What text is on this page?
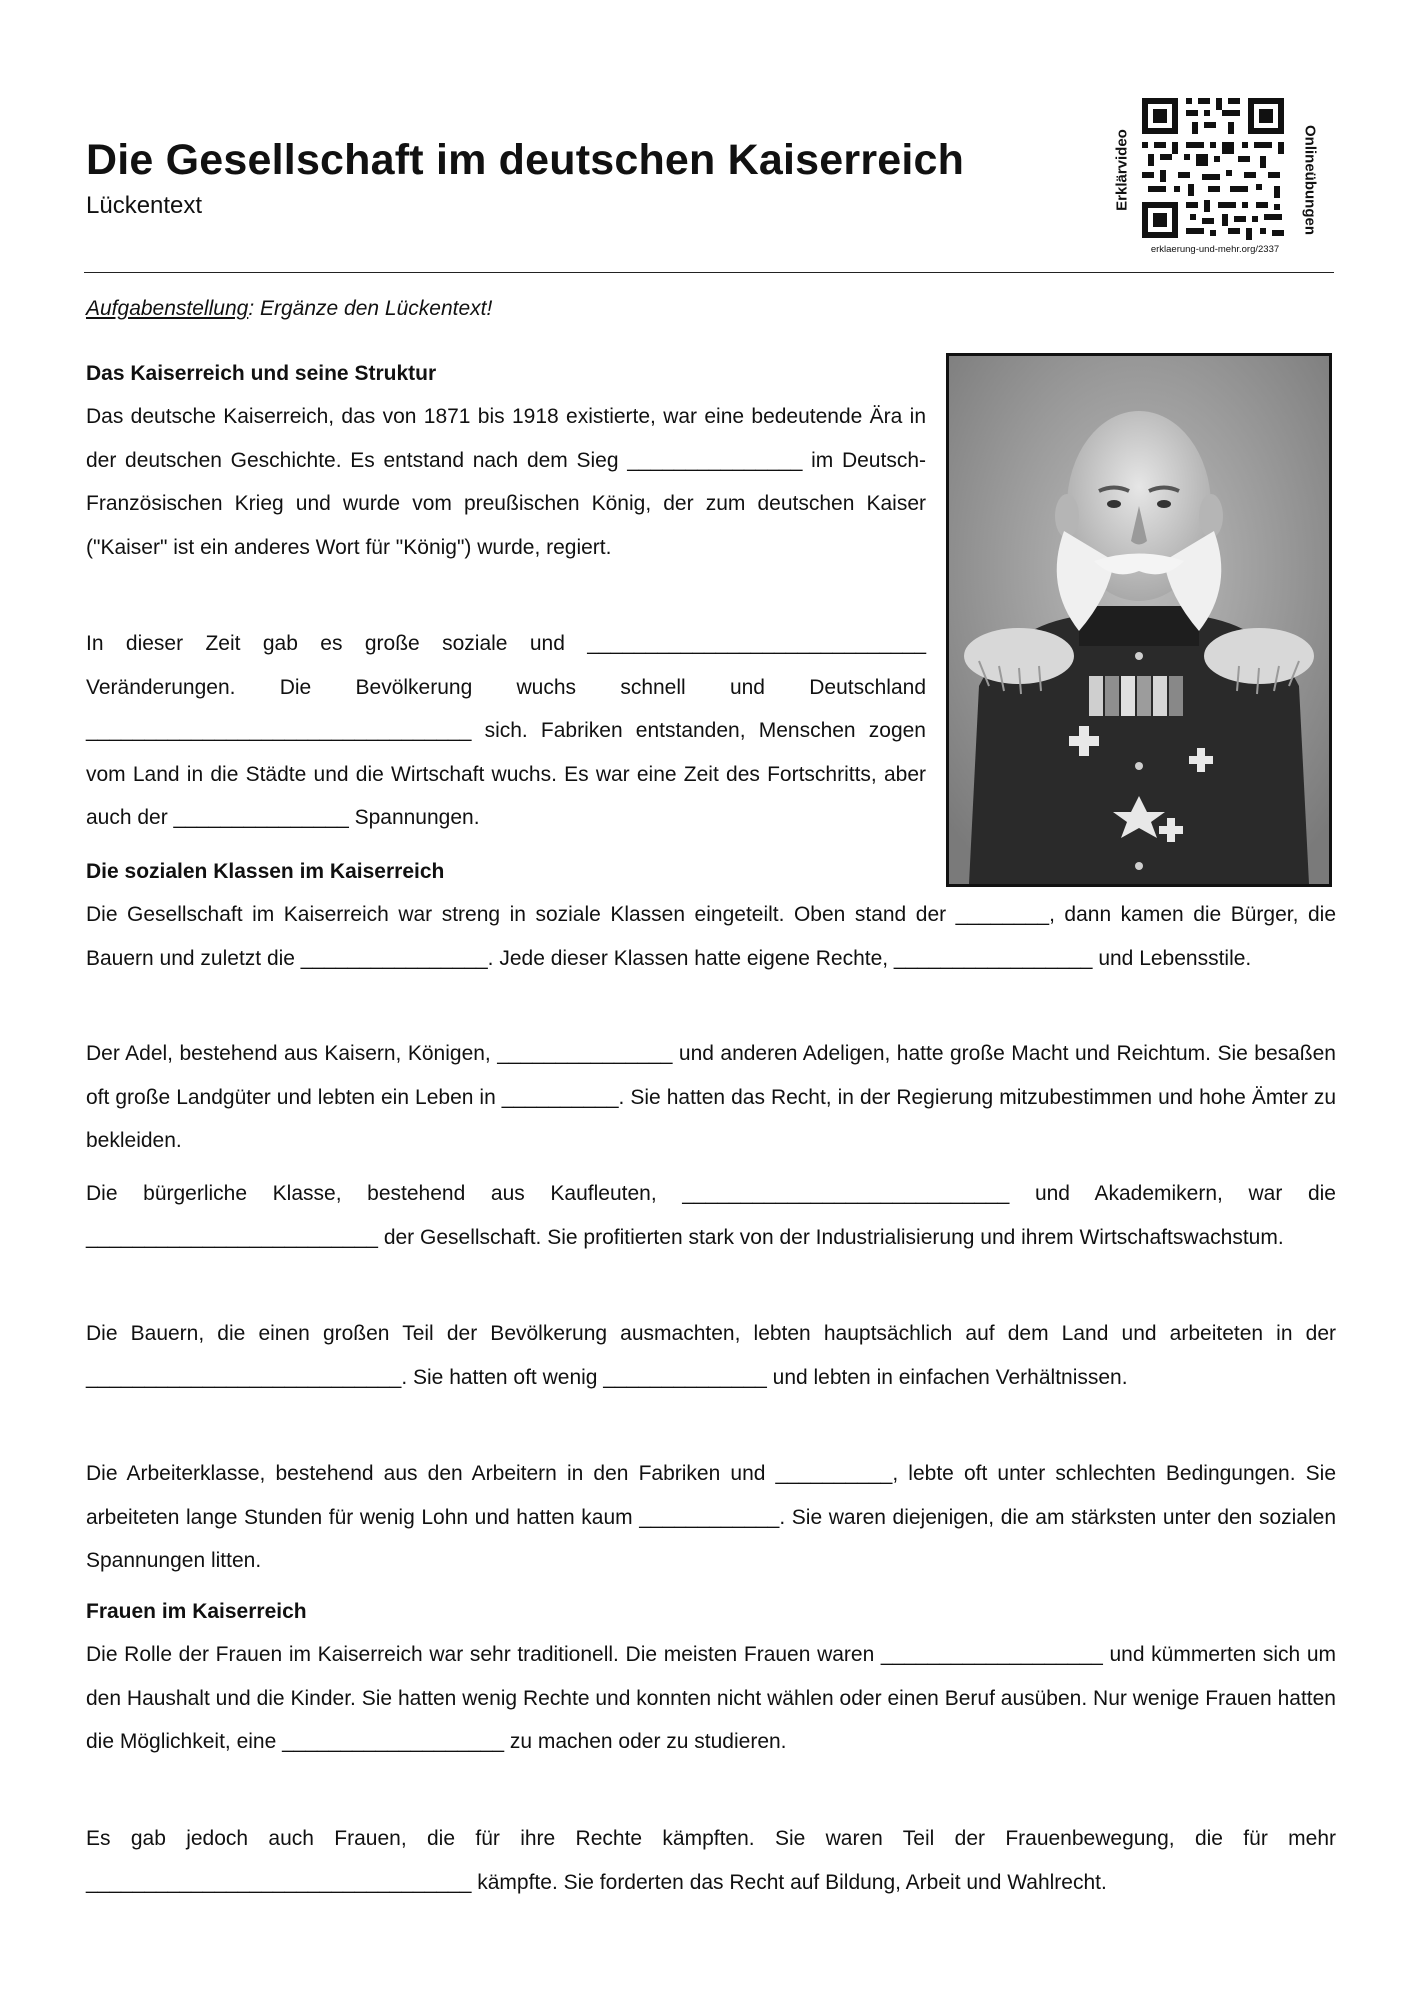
Die Gesellschaft im deutschen Kaiserreich
Lückentext	Erklärvideo
erklaerung-und-mehr.org/2337
Onlineübungen
Aufgabenstellung: Ergänze den Lückentext!
Das Kaiserreich und seine Struktur

Das deutsche Kaiserreich, das von 1871 bis 1918 existierte, war eine bedeutende Ära in der deutschen Geschichte. Es entstand nach dem Sieg _______________ im Deutsch-Französischen Krieg und wurde vom preußischen König, der zum deutschen Kaiser ("Kaiser" ist ein anderes Wort für "König") wurde, regiert.

In dieser Zeit gab es große soziale und _____________________________ Veränderungen. Die Bevölkerung wuchs schnell und Deutschland _________________________________ sich. Fabriken entstanden, Menschen zogen vom Land in die Städte und die Wirtschaft wuchs. Es war eine Zeit des Fortschritts, aber auch der _______________ Spannungen.

Die sozialen Klassen im Kaiserreich

Die Gesellschaft im Kaiserreich war streng in soziale Klassen eingeteilt. Oben stand der ________, dann kamen die Bürger, die Bauern und zuletzt die ________________. Jede dieser Klassen hatte eigene Rechte, _________________ und Lebensstile.

Der Adel, bestehend aus Kaisern, Königen, _______________ und anderen Adeligen, hatte große Macht und Reichtum. Sie besaßen oft große Landgüter und lebten ein Leben in __________. Sie hatten das Recht, in der Regierung mitzubestimmen und hohe Ämter zu bekleiden.

Die bürgerliche Klasse, bestehend aus Kaufleuten, ____________________________ und Akademikern, war die _________________________ der Gesellschaft. Sie profitierten stark von der Industrialisierung und ihrem Wirtschaftswachstum.

Die Bauern, die einen großen Teil der Bevölkerung ausmachten, lebten hauptsächlich auf dem Land und arbeiteten in der ___________________________. Sie hatten oft wenig ______________ und lebten in einfachen Verhältnissen.

Die Arbeiterklasse, bestehend aus den Arbeitern in den Fabriken und __________, lebte oft unter schlechten Bedingungen. Sie arbeiteten lange Stunden für wenig Lohn und hatten kaum ____________. Sie waren diejenigen, die am stärksten unter den sozialen Spannungen litten.

Frauen im Kaiserreich

Die Rolle der Frauen im Kaiserreich war sehr traditionell. Die meisten Frauen waren ___________________ und kümmerten sich um den Haushalt und die Kinder. Sie hatten wenig Rechte und konnten nicht wählen oder einen Beruf ausüben. Nur wenige Frauen hatten die Möglichkeit, eine ___________________ zu machen oder zu studieren.

Es gab jedoch auch Frauen, die für ihre Rechte kämpften. Sie waren Teil der Frauenbewegung, die für mehr _________________________________ kämpfte. Sie forderten das Recht auf Bildung, Arbeit und Wahlrecht.
